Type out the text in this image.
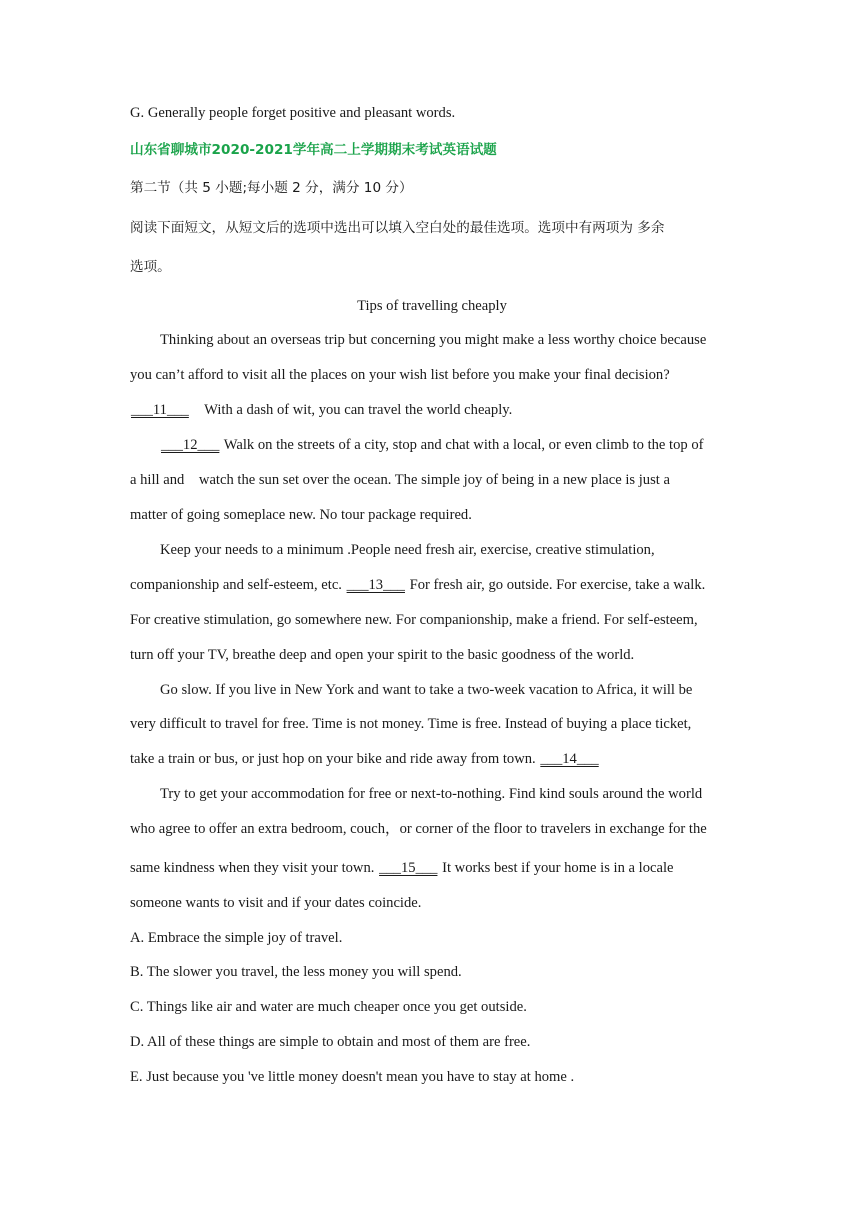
G. Generally people forget positive and pleasant words.
山东省聊城市2020-2021学年高二上学期期末考试英语试题
第二节（共 5 小题;每小题 2 分，满分 10 分）
阅读下面短文，从短文后的选项中选出可以填入空白处的最佳选项。选项中有两项为 多余
选项。
Tips of travelling cheaply
Thinking about an overseas trip but concerning you might make a less worthy choice because
you can’t afford to visit all the places on your wish list before you make your final decision?
___11___    With a dash of wit, you can travel the world cheaply.
___12___ Walk on the streets of a city, stop and chat with a local, or even climb to the top of
a hill and    watch the sun set over the ocean. The simple joy of being in a new place is just a
matter of going someplace new. No tour package required.
Keep your needs to a minimum .People need fresh air, exercise, creative stimulation,
companionship and self-esteem, etc. ___13___ For fresh air, go outside. For exercise, take a walk.
For creative stimulation, go somewhere new. For companionship, make a friend. For self-esteem,
turn off your TV, breathe deep and open your spirit to the basic goodness of the world.
Go slow. If you live in New York and want to take a two-week vacation to Africa, it will be
very difficult to travel for free. Time is not money. Time is free. Instead of buying a place ticket,
take a train or bus, or just hop on your bike and ride away from town. ___14___
Try to get your accommodation for free or next-to-nothing. Find kind souls around the world
who agree to offer an extra bedroom, couch，or corner of the floor to travelers in exchange for the
same kindness when they visit your town. ___15___ It works best if your home is in a locale
someone wants to visit and if your dates coincide.
A. Embrace the simple joy of travel.
B. The slower you travel, the less money you will spend.
C. Things like air and water are much cheaper once you get outside.
D. All of these things are simple to obtain and most of them are free.
E. Just because you 've little money doesn't mean you have to stay at home .
